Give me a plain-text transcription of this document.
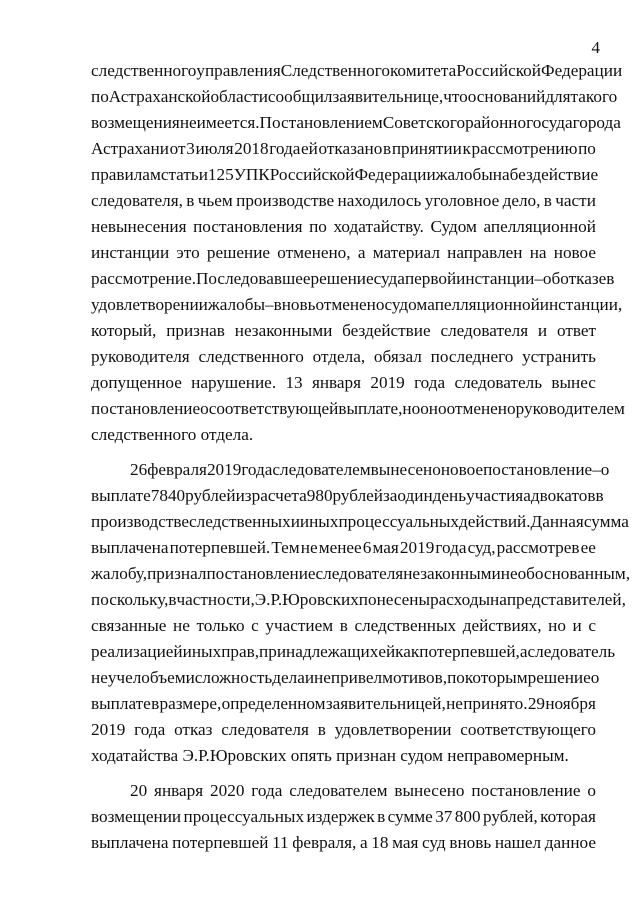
4
следственного управления Следственного комитета Российской Федерации
по Астраханской области сообщил заявительнице, что оснований для такого
возмещения не имеется. Постановлением Советского районного суда города
Астрахани от 3 июля 2018 года ей отказано в принятии к рассмотрению по
правилам статьи 125 УПК Российской Федерации жалобы на бездействие
следователя, в чьем производстве находилось уголовное дело, в части
невынесения постановления по ходатайству. Судом апелляционной
инстанции это решение отменено, а материал направлен на новое
рассмотрение. Последовавшее решение суда первой инстанции – об отказе в
удовлетворении жалобы – вновь отменено судом апелляционной инстанции,
который, признав незаконными бездействие следователя и ответ
руководителя следственного отдела, обязал последнего устранить
допущенное нарушение. 13 января 2019 года следователь вынес
постановление о соответствующей выплате, но оно отменено руководителем
следственного отдела.
26 февраля 2019 года следователем вынесено новое постановление – о
выплате 7840 рублей из расчета 980 рублей за один день участия адвокатов в
производстве следственных и иных процессуальных действий. Данная сумма
выплачена потерпевшей. Тем не менее 6 мая 2019 года суд, рассмотрев ее
жалобу, признал постановление следователя незаконным и необоснованным,
поскольку, в частности, Э.Р.Юровских понесены расходы на представителей,
связанные не только с участием в следственных действиях, но и с
реализацией иных прав, принадлежащих ей как потерпевшей, а следователь
не учел объем и сложность дела и не привел мотивов, по которым решение о
выплате в размере, определенном заявительницей, не принято. 29 ноября
2019 года отказ следователя в удовлетворении соответствующего
ходатайства Э.Р.Юровских опять признан судом неправомерным.
20 января 2020 года следователем вынесено постановление о
возмещении процессуальных издержек в сумме 37 800 рублей, которая
выплачена потерпевшей 11 февраля, а 18 мая суд вновь нашел данное
